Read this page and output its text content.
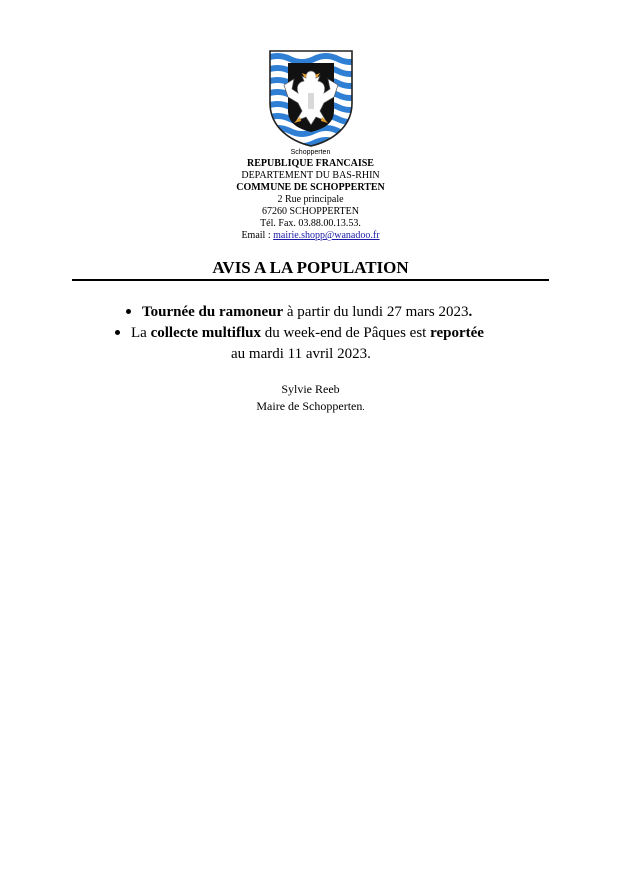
Schopperten
REPUBLIQUE FRANCAISE
DEPARTEMENT DU BAS-RHIN
COMMUNE DE SCHOPPERTEN
2 Rue principale
67260 SCHOPPERTEN
Tél. Fax. 03.88.00.13.53.
Email : mairie.shopp@wanadoo.fr
AVIS A LA POPULATION
Tournée du ramoneur à partir du lundi 27 mars 2023.
La collecte multiflux du week-end de Pâques est reportée
au mardi 11 avril 2023.
Sylvie Reeb
Maire de Schopperten.
